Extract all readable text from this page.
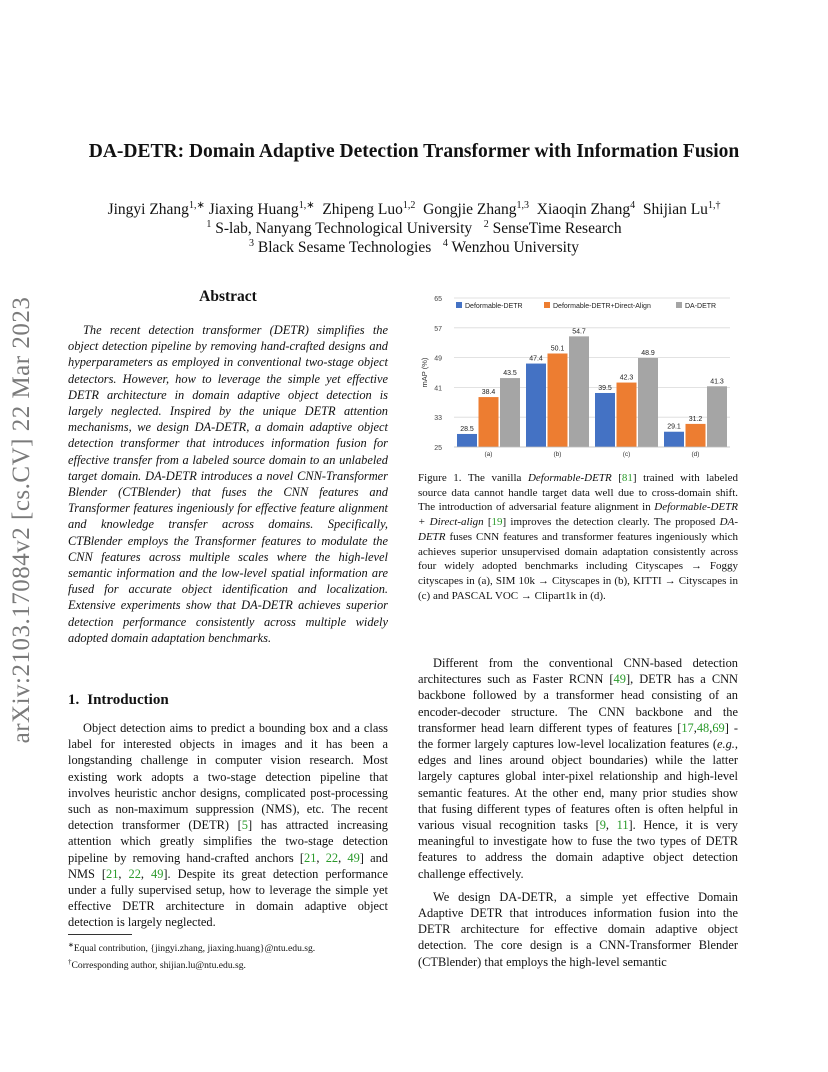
arXiv:2103.17084v2 [cs.CV] 22 Mar 2023
DA-DETR: Domain Adaptive Detection Transformer with Information Fusion
Jingyi Zhang$^{1,∗}$ Jiaxing Huang$^{1,∗}$ Zhipeng Luo$^{1,2}$ Gongjie Zhang$^{1,3}$ Xiaoqin Zhang$^4$ Shijian $Lu^{1,\dagger}$
$^1$ S-lab, Nanyang Technological University $^2$ SenseTime Research
$^3$ Black Sesame Technologies $^4$ Wenzhou University
Abstract
The recent detection transformer (DETR) simplifies the object detection pipeline by removing hand-crafted designs and hyperparameters as employed in conventional two-stage object detectors. However, how to leverage the simple yet effective DETR architecture in domain adaptive object detection is largely neglected. Inspired by the unique DETR attention mechanisms, we design DA-DETR, a domain adaptive object detection transformer that introduces information fusion for effective transfer from a labeled source domain to an unlabeled target domain. DA-DETR introduces a novel CNN-Transformer Blender (CTBlender) that fuses the CNN features and Transformer features ingeniously for effective feature alignment and knowledge transfer across domains. Specifically, CTBlender employs the Transformer features to modulate the CNN features across multiple scales where the high-level semantic information and the low-level spatial information are fused for accurate object identification and localization. Extensive experiments show that DA-DETR achieves superior detection performance consistently across multiple widely adopted domain adaptation benchmarks.
1. Introduction

Object detection aims to predict a bounding box and a class label for interested objects in images and it has been a longstanding challenge in computer vision research. Most existing work adopts a two-stage detection pipeline that involves heuristic anchor designs, complicated post-processing such as non-maximum suppression (NMS), etc. The recent detection transformer (DETR) [5] has attracted increasing attention which greatly simplifies the two-stage detection pipeline by removing hand-crafted anchors [21, 22, 49] and NMS [21, 22, 49]. Despite its great detection performance under a fully supervised setup, how to leverage the simple yet effective DETR architecture in domain adaptive object detection is largely neglected.

∗Equal contribution, {jingyi.zhang, jiaxing.huang}@ntu.edu.sg.
†Corresponding author, shijian.lu@ntu.edu.sg.
25
33
41
49
57
65
mAP (%)
Deformable-DETR	Deformable-DETR+Direct-Align	DA-DETR
28.5
38.4
43.5
(a)
47.4
50.1
54.7
(b)
39.5
42.3
48.9
(c)
29.1
31.2
41.3
(d)
Figure 1. The vanilla Deformable-DETR [81] trained with labeled source data cannot handle target data well due to cross-domain shift. The introduction of adversarial feature alignment in Deformable-DETR + Direct-align [19] improves the detection clearly. The proposed DA-DETR fuses CNN features and transformer features ingeniously which achieves superior unsupervised domain adaptation consistently across four widely adopted benchmarks including Cityscapes → Foggy cityscapes in (a), SIM 10k → Cityscapes in (b), KITTI → Cityscapes in (c) and PASCAL VOC → Clipart1k in (d).

Different from the conventional CNN-based detection architectures such as Faster RCNN [49], DETR has a CNN backbone followed by a transformer head consisting of an encoder-decoder structure. The CNN backbone and the transformer head learn different types of features [17,48,69] - the former largely captures low-level localization features (e.g., edges and lines around object boundaries) while the latter largely captures global inter-pixel relationship and high-level semantic features. At the other end, many prior studies show that fusing different types of features often is often helpful in various visual recognition tasks [9, 11]. Hence, it is very meaningful to investigate how to fuse the two types of DETR features to address the domain adaptive object detection challenge effectively.

We design DA-DETR, a simple yet effective Domain Adaptive DETR that introduces information fusion into the DETR architecture for effective domain adaptive object detection. The core design is a CNN-Transformer Blender (CTBlender) that employs the high-level semantic
